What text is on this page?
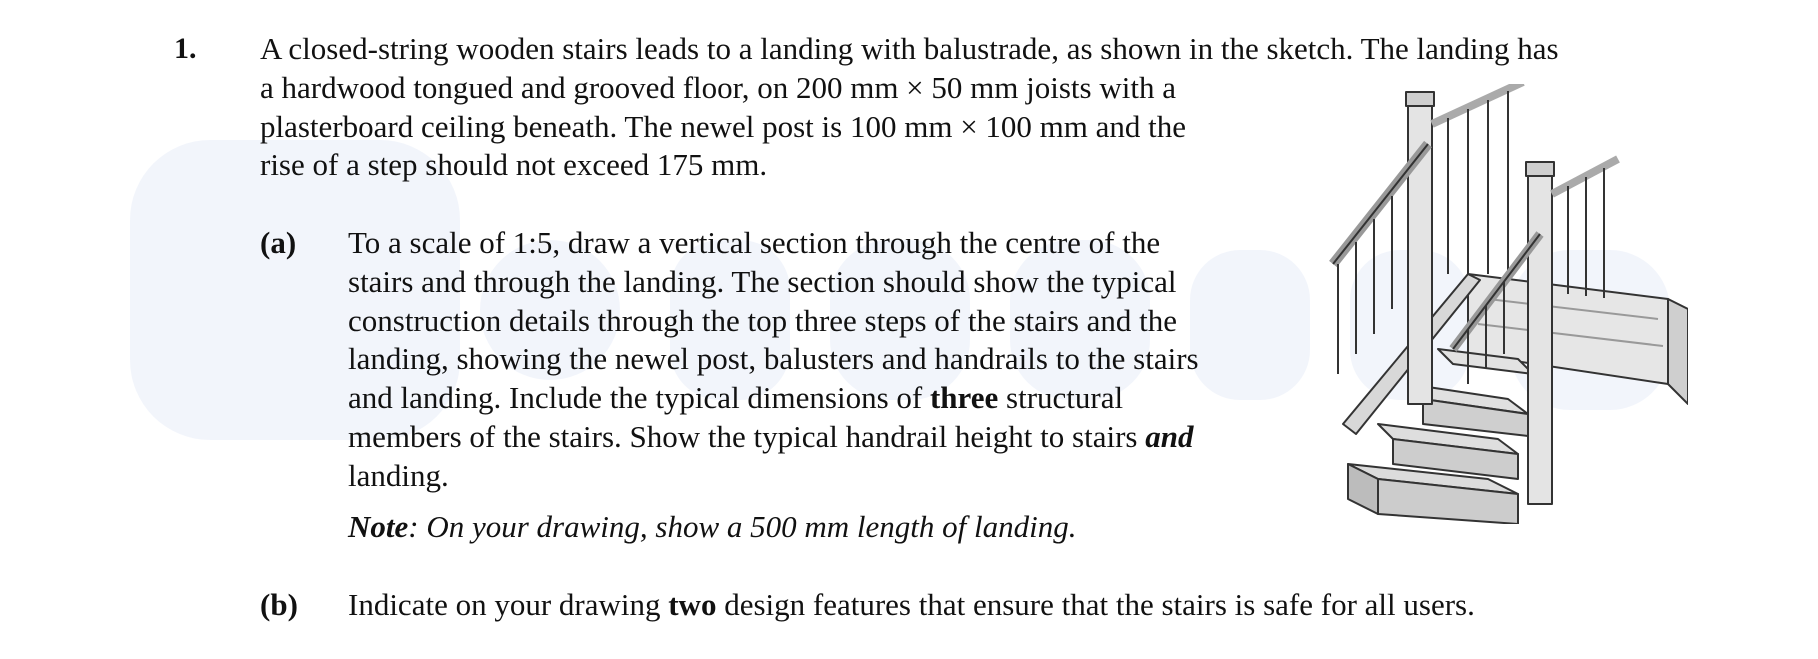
1. A closed-string wooden stairs leads to a landing with balustrade, as shown in the sketch. The landing has
a hardwood tongued and grooved floor, on 200 mm × 50 mm joists with a
plasterboard ceiling beneath. The newel post is 100 mm × 100 mm and the
rise of a step should not exceed 175 mm.
(a) To a scale of 1:5, draw a vertical section through the centre of the
stairs and through the landing. The section should show the typical
construction details through the top three steps of the stairs and the
landing, showing the newel post, balusters and handrails to the stairs
and landing. Include the typical dimensions of three structural
members of the stairs. Show the typical handrail height to stairs and
landing.
Note: On your drawing, show a 500 mm length of landing.
(b) Indicate on your drawing two design features that ensure that the stairs is safe for all users.
